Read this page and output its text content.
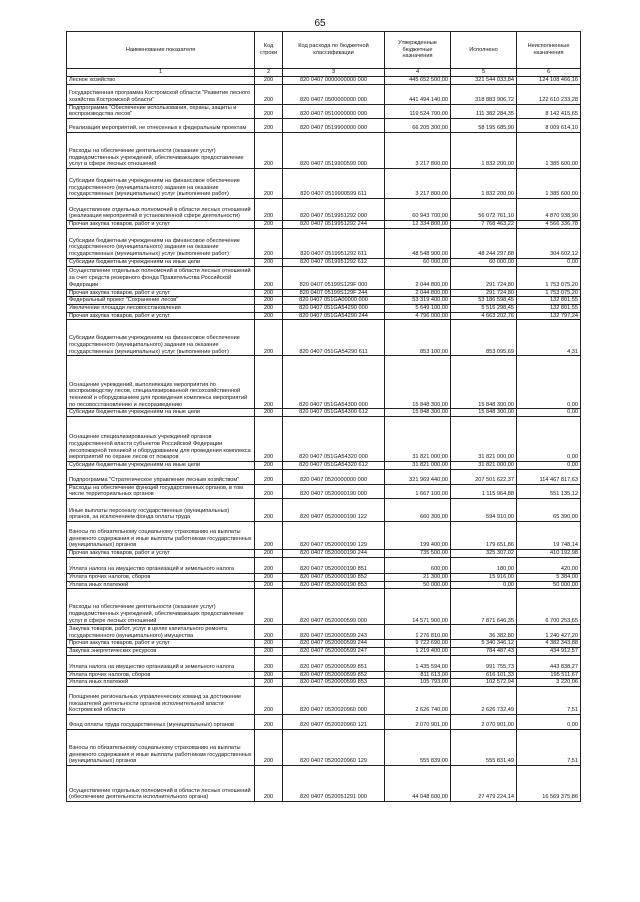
65
Наименование показателя	Код строки	Код расхода по бюджетной классификации	Утвержденные бюджетные назначения	Исполнено	Неисполненные назначения
1	2	3	4	5	6
Лесное хозяйство	200	820 0407 0000000000 000	445 652 500,00	321 544 033,84	124 108 466,16
Государственная программа Костромской области "Развитие лесного хозяйства Костромской области"	200	820 0407 0500000000 000	441 494 140,00	318 883 906,72	122 610 233,28
Подпрограмма "Обеспечение использования, охраны, защиты и воспроизводства лесов"	200	820 0407 0510000000 000	119 524 700,00	111 382 284,35	8 142 415,65
Реализация мероприятий, не отнесенных к федеральным проектам	200	820 0407 0519900000 000	66 205 300,00	58 195 685,90	8 009 614,10
Расходы на обеспечение деятельности (оказание услуг) подведомственных учреждений, обеспечивающих предоставление услуг в сфере лесных отношений	200	820 0407 0519900599 000	3 217 800,00	1 832 200,00	1 385 600,00
Субсидии бюджетным учреждениям на финансовое обеспечение государственного (муниципального) задания на оказание государственных (муниципальных) услуг (выполнение работ)	200	820 0407 0519900599 611	3 217 800,00	1 832 200,00	1 385 600,00
Осуществление отдельных полномочий в области лесных отношений (реализация мероприятий в установленной сфере деятельности)	200	820 0407 0519951292 000	60 943 700,00	56 072 761,10	4 870 938,90
Прочая закупка товаров, работ и услуг	200	820 0407 0519951292 244	12 334 800,00	7 768 463,22	4 566 336,78
Субсидии бюджетным учреждениям на финансовое обеспечение государственного (муниципального) задания на оказание государственных (муниципальных) услуг (выполнение работ)	200	820 0407 0519951292 611	48 548 900,00	48 244 297,88	304 602,12
Субсидии бюджетным учреждениям на иные цели	200	820 0407 0519951292 612	60 000,00	60 000,00	0,00
Осуществление отдельных полномочий в области лесных отношений за счет средств резервного фонда Правительства Российской Федерации	200	820 0407 05199S129F 000	2 044 800,00	291 724,80	1 753 075,20
Прочая закупка товаров, работ и услуг	200	820 0407 05199S129F 244	2 044 800,00	291 724,80	1 753 075,20
Федеральный проект "Сохранение лесов"	200	820 0407 051GA00000 000	53 319 400,00	53 186 598,45	132 801,55
Увеличение площади лесовосстановления	200	820 0407 051GA54290 000	5 649 100,00	5 516 298,45	132 801,55
Прочая закупка товаров, работ и услуг	200	820 0407 051GA54290 244	4 796 000,00	4 663 202,76	132 797,24
Субсидии бюджетным учреждениям на финансовое обеспечение государственного (муниципального) задания на оказание государственных (муниципальных) услуг (выполнение работ)	200	820 0407 051GA54290 611	853 100,00	853 095,69	4,31
Оснащение учреждений, выполняющих мероприятия по воспроизводству лесов, специализированной лесохозяйственной техникой и оборудованием для проведения комплекса мероприятий по лесовосстановлению и лесоразведению	200	820 0407 051GA54300 000	15 848 300,00	15 848 300,00	0,00
Субсидии бюджетным учреждениям на иные цели	200	820 0407 051GA54300 612	15 848 300,00	15 848 300,00	0,00
Оснащение специализированных учреждений органов государственной власти субъектов Российской Федерации лесопожарной техникой и оборудованием для проведения комплекса мероприятий по охране лесов от пожаров	200	820 0407 051GA54320 000	31 821 000,00	31 821 000,00	0,00
Субсидии бюджетным учреждениям на иные цели	200	820 0407 051GA54320 612	31 821 000,00	31 821 000,00	0,00
Подпрограмма "Стратегическое управление лесным хозяйством"	200	820 0407 0520000000 000	321 969 440,00	207 501 622,37	114 467 817,63
Расходы на обеспечение функций государственных органов, в том числе территориальных органов	200	820 0407 0520000190 000	1 667 100,00	1 115 964,88	551 135,12
Иные выплаты персоналу государственных (муниципальных) органов, за исключением фонда оплаты труда	200	820 0407 0520000190 122	660 300,00	594 910,00	65 390,00
Взносы по обязательному социальному страхованию на выплаты денежного содержания и иные выплаты работникам государственных (муниципальных) органов	200	820 0407 0520000190 129	199 400,00	179 651,86	19 748,14
Прочая закупка товаров, работ и услуг	200	820 0407 0520000190 244	735 500,00	325 307,02	410 192,98
Уплата налога на имущество организаций и земельного налога	200	820 0407 0520000190 851	600,00	180,00	420,00
Уплата прочих налогов, сборов	200	820 0407 0520000190 852	21 300,00	15 916,00	5 384,00
Уплата иных платежей	200	820 0407 0520000190 853	50 000,00	0,00	50 000,00
Расходы на обеспечение деятельности (оказание услуг) подведомственных учреждений, обеспечивающих предоставление услуг в сфере лесных отношений	200	820 0407 0520000599 000	14 571 900,00	7 871 646,35	6 700 253,65
Закупка товаров, работ, услуг в целях капитального ремонта государственного (муниципального) имущества	200	820 0407 0520000599 243	1 276 810,00	36 382,80	1 240 427,20
Прочая закупка товаров, работ и услуг	200	820 0407 0520000599 244	9 722 690,00	5 340 346,12	4 382 343,88
Закупка энергетических ресурсов	200	820 0407 0520000599 247	1 219 400,00	784 487,43	434 912,57
Уплата налога на имущество организаций и земельного налога	200	820 0407 0520000599 851	1 435 594,00	991 755,73	443 838,27
Уплата прочих налогов, сборов	200	820 0407 0520000599 852	811 613,00	616 101,33	195 511,67
Уплата иных платежей	200	820 0407 0520000599 853	105 793,00	102 572,94	3 220,06
Поощрение региональных управленческих команд за достижение показателей деятельности органов исполнительной власти Костромской области	200	820 0407 0520020960 000	2 626 740,00	2 626 732,49	7,51
Фонд оплаты труда государственных (муниципальных) органов	200	820 0407 0520020960 121	2 070 901,00	2 070 901,00	0,00
Взносы по обязательному социальному страхованию на выплаты денежного содержания и иные выплаты работникам государственных (муниципальных) органов	200	820 0407 0520020960 129	555 839,00	555 831,49	7,51
Осуществление отдельных полномочий в области лесных отношений (обеспечение деятельности исполнительного органа)	200	820 0407 0520051291 000	44 048 600,00	27 479 224,14	16 569 375,86
